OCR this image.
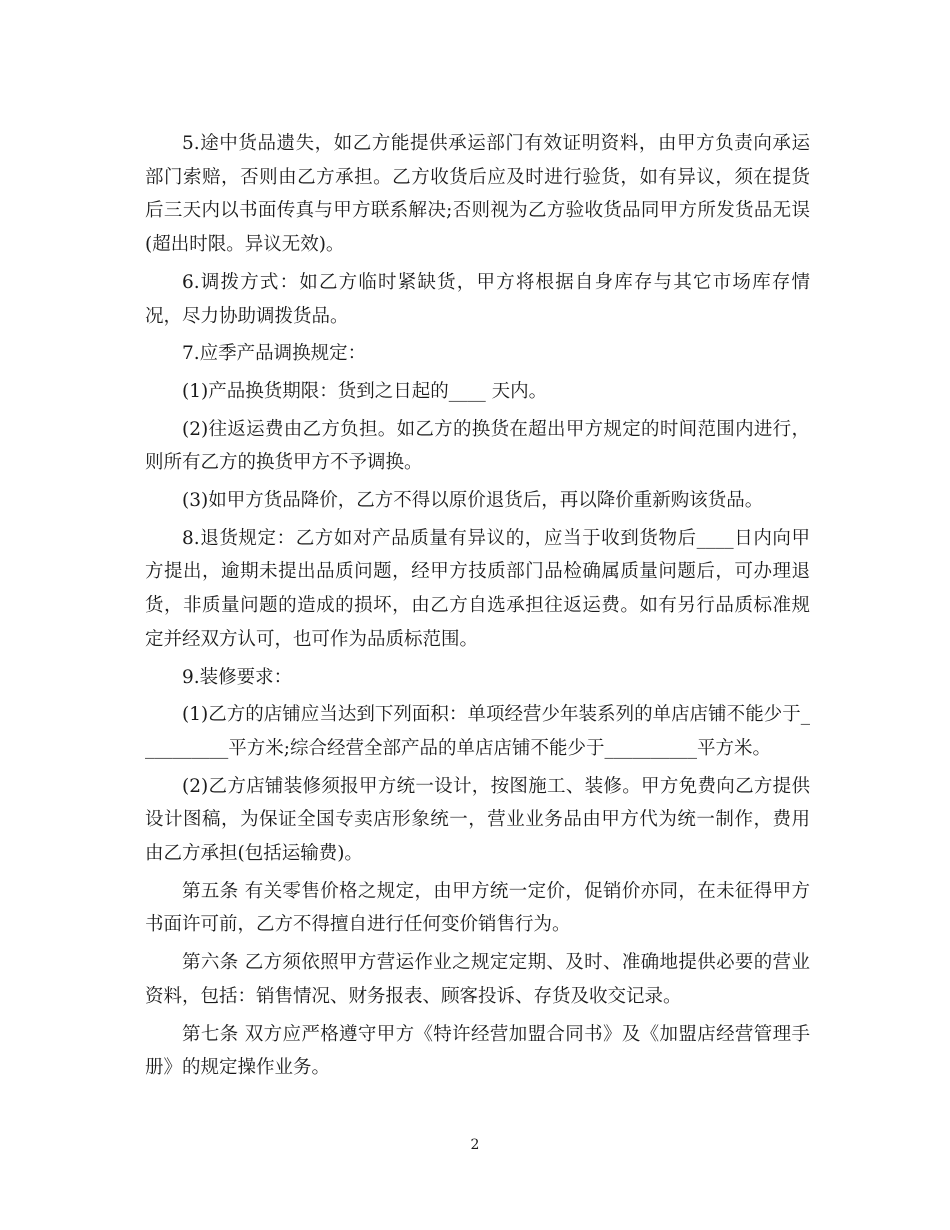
5.途中货品遗失，如乙方能提供承运部门有效证明资料，由甲方负责向承运部门索赔，否则由乙方承担。乙方收货后应及时进行验货，如有异议，须在提货后三天内以书面传真与甲方联系解决;否则视为乙方验收货品同甲方所发货品无误(超出时限。异议无效)。

6.调拨方式：如乙方临时紧缺货，甲方将根据自身库存与其它市场库存情况，尽力协助调拨货品。

7.应季产品调换规定：

(1)产品换货期限：货到之日起的____ 天内。

(2)往返运费由乙方负担。如乙方的换货在超出甲方规定的时间范围内进行，则所有乙方的换货甲方不予调换。

(3)如甲方货品降价，乙方不得以原价退货后，再以降价重新购该货品。

8.退货规定：乙方如对产品质量有异议的，应当于收到货物后____日内向甲方提出，逾期未提出品质问题，经甲方技质部门品检确属质量问题后，可办理退货，非质量问题的造成的损坏，由乙方自选承担往返运费。如有另行品质标准规定并经双方认可，也可作为品质标范围。

9.装修要求：

(1)乙方的店铺应当达到下列面积：单项经营少年装系列的单店店铺不能少于__________平方米;综合经营全部产品的单店店铺不能少于__________平方米。

(2)乙方店铺装修须报甲方统一设计，按图施工、装修。甲方免费向乙方提供设计图稿，为保证全国专卖店形象统一，营业业务品由甲方代为统一制作，费用由乙方承担(包括运输费)。

第五条 有关零售价格之规定，由甲方统一定价，促销价亦同，在未征得甲方书面许可前，乙方不得擅自进行任何变价销售行为。

第六条 乙方须依照甲方营运作业之规定定期、及时、准确地提供必要的营业资料，包括：销售情况、财务报表、顾客投诉、存货及收交记录。

第七条 双方应严格遵守甲方《特许经营加盟合同书》及《加盟店经营管理手册》的规定操作业务。

2
